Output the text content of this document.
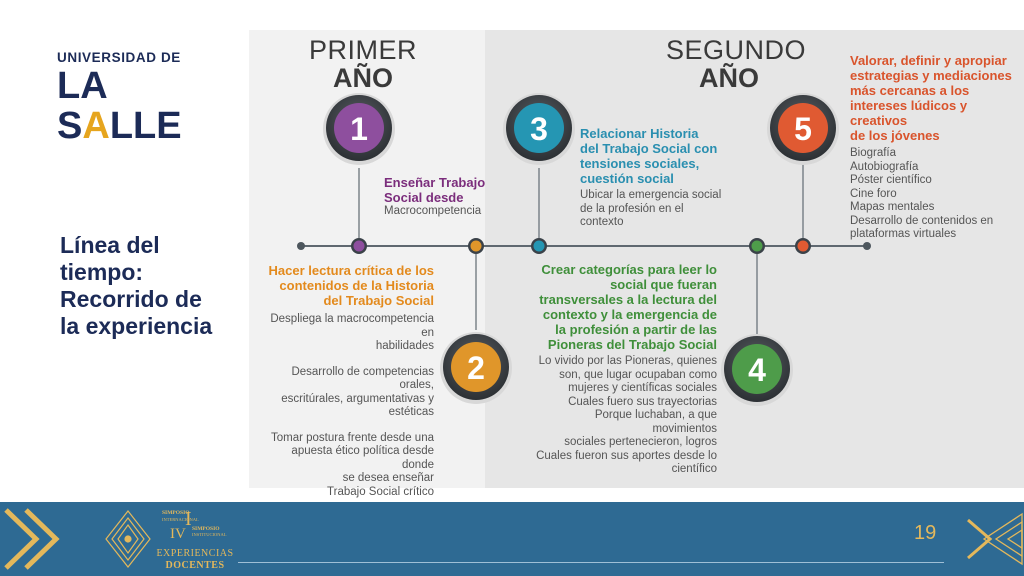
UNIVERSIDAD DE
LA SALLE
Línea del
tiempo:
Recorrido de
la experiencia
PRIMER
AÑO
SEGUNDO
AÑO
1
2
3
4
5
Enseñar Trabajo
Social desde
Macrocompetencia
Hacer lectura crítica de los
contenidos de la Historia
del Trabajo Social
Despliega la macrocompetencia en
habilidades
Desarrollo de competencias orales,
escritúrales, argumentativas y
estéticas
Tomar postura frente desde una
apuesta ético política desde donde
se desea enseñar
Trabajo Social crítico
Relacionar Historia
del Trabajo Social con
tensiones sociales,
cuestión social
Ubicar la emergencia social
de la profesión en el
contexto
Crear categorías para leer lo
social que fueran
transversales a la lectura del
contexto y la emergencia de
la profesión a partir de las
Pioneras del Trabajo Social
Lo vivido por las Pioneras, quienes
son, que lugar ocupaban como
mujeres y científicas sociales
Cuales fuero sus trayectorias
Porque luchaban, a que movimientos
sociales pertenecieron, logros
Cuales fueron sus aportes desde lo
científico
Valorar, definir y apropiar
estrategias y mediaciones
más cercanas a los
intereses lúdicos y creativos
de los jóvenes
Biografía
Autobiografía
Póster científico
Cine foro
Mapas mentales
Desarrollo de contenidos en
plataformas virtuales
SIMPOSIO
INTERNACIONAL
I
IV SIMPOSIO
INSTITUCIONAL
EXPERIENCIAS
DOCENTES
19
